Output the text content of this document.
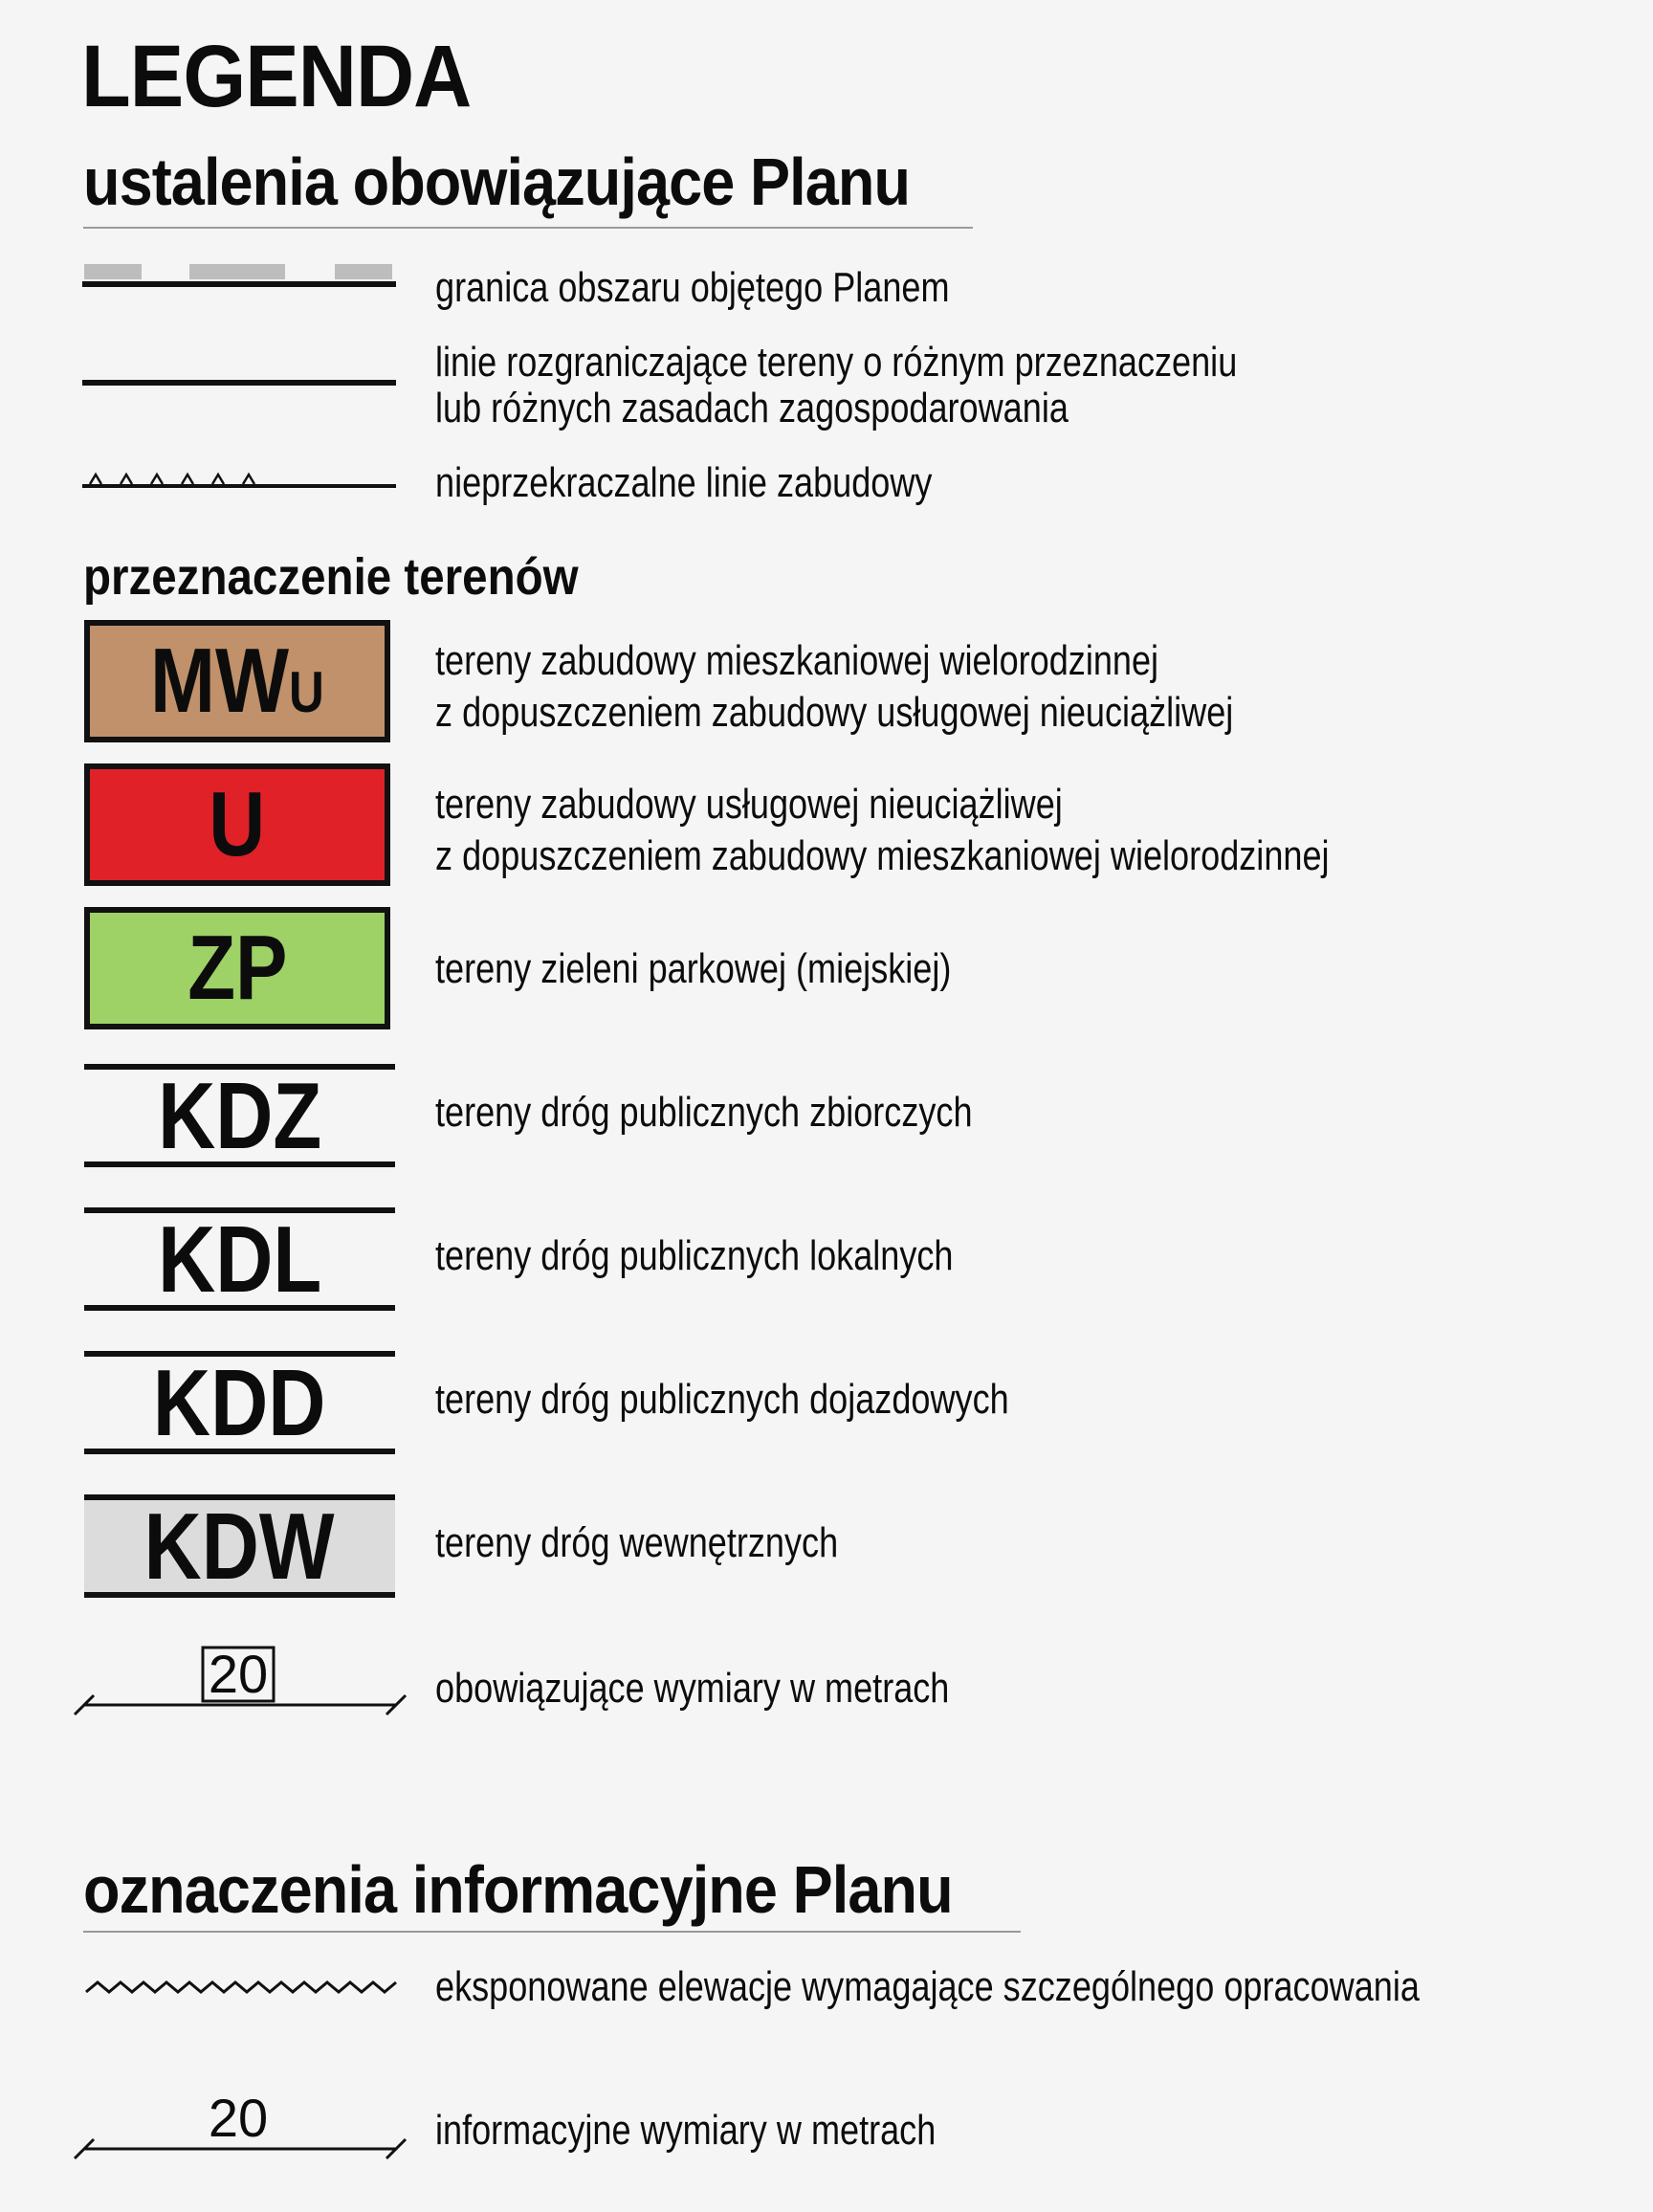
LEGENDA
ustalenia obowiązujące Planu
granica obszaru objętego Planem
linie rozgraniczające tereny o różnym przeznaczeniu
lub różnych zasadach zagospodarowania
nieprzekraczalne linie zabudowy
przeznaczenie terenów
MWU	tereny zabudowy mieszkaniowej wielorodzinnej
z dopuszczeniem zabudowy usługowej nieuciążliwej
U	tereny zabudowy usługowej nieuciążliwej
z dopuszczeniem zabudowy mieszkaniowej wielorodzinnej
ZP	tereny zieleni parkowej (miejskiej)
KDZ	tereny dróg publicznych zbiorczych
KDL	tereny dróg publicznych lokalnych
KDD	tereny dróg publicznych dojazdowych
KDW tereny dróg wewnętrznych
20	obowiązujące wymiary w metrach
oznaczenia informacyjne Planu
eksponowane elewacje wymagające szczególnego opracowania
20	informacyjne wymiary w metrach
